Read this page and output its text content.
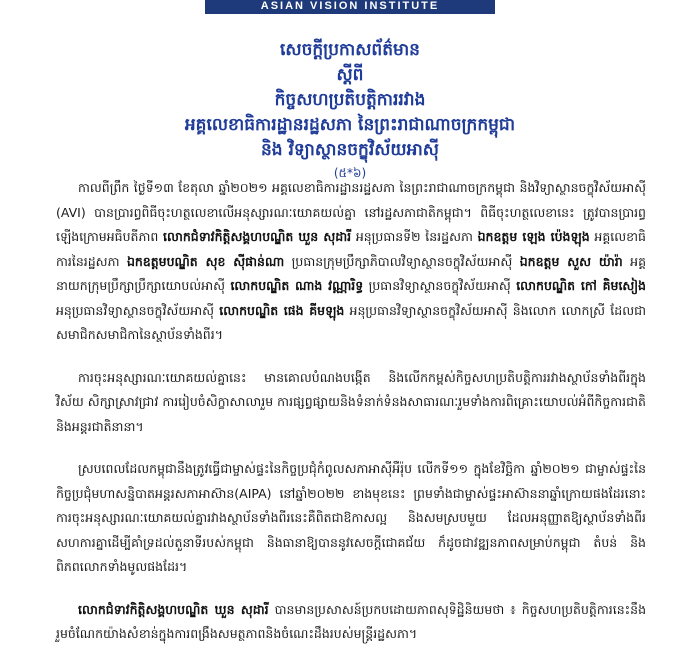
ASIAN VISION INSTITUTE
សេចក្តីប្រកាសព័ត៌មាន
ស្តីពី
កិច្ចសហប្រតិបត្តិការរវាង
អគ្គលេខាធិការដ្ឋានរដ្ឋសភា នៃព្រះរាជាណាចក្រកម្ពុជា
និង វិទ្យាស្ថានចក្ខុវិស័យអាស៊ី
(៥*៦)

កាលពីព្រឹក ថ្ងៃទី១៣ ខែតុលា ឆ្នាំ២០២១ អគ្គលេខាធិការដ្ឋានរដ្ឋសភា នៃព្រះរាជាណាចក្រកម្ពុជា និងវិទ្យាស្ថានចក្ខុវិស័យអាស៊ី (AVI) បានប្រារព្ធពិធីចុះហត្ថលេខាលើអនុស្សារណៈយោគយល់គ្នា នៅរដ្ឋសភាជាតិកម្ពុជា។ ពិធីចុះហត្ថលេខានេះ ត្រូវបានប្រារព្ធឡើងក្រោមអធិបតីភាព លោកជំទាវកិត្តិសង្គហបណ្ឌិត ឃួន សុដារី អនុប្រធានទី២ នៃរដ្ឋសភា ឯកឧត្តម ឡេង ប៉េងឡុង អគ្គលេខាធិការនៃរដ្ឋសភា ឯកឧត្តមបណ្ឌិត សុខ ស៊ីផាន់ណា ប្រធានក្រុមប្រឹក្សាភិបាលវិទ្យាស្ថានចក្ខុវិស័យអាស៊ី ឯកឧត្តម សួស យ៉ារ៉ា អគ្គនាយកក្រុមប្រឹក្សាប្រឹក្សាយោបល់អាស៊ី លោកបណ្ឌិត ណាង វណ្ណារិទ្ធ ប្រធានវិទ្យាស្ថានចក្ខុវិស័យអាស៊ី លោកបណ្ឌិត កៅ គិមសៀង អនុប្រធានវិទ្យាស្ថានចក្ខុវិស័យអាស៊ី លោកបណ្ឌិត ផេង គីមឡុង អនុប្រធានវិទ្យាស្ថានចក្ខុវិស័យអាស៊ី និងលោក លោកស្រី ដែលជាសមាជិកសមាជិកានៃស្ថាប័នទាំងពីរ។

ការចុះអនុស្សារណៈយោគយល់គ្នានេះ មានគោលបំណងបង្កើត និងលើកកម្ពស់កិច្ចសហប្រតិបត្តិការរវាងស្ថាប័នទាំងពីរក្នុងវិស័យ សិក្សាស្រាវជ្រាវ ការរៀបចំសិក្ខាសាលារួម ការផ្សព្វផ្សាយនិងទំនាក់ទំនងសាធារណៈរួមទាំងការពិគ្រោះយោបល់អំពីកិច្ចការជាតិ និងអន្តរជាតិនានា។

ស្របពេលដែលកម្ពុជានឹងត្រូវធ្វើជាម្ចាស់ផ្ទះនៃកិច្ចប្រជុំកំពូលសភាអាស៊ីអឺរ៉ុប លើកទី១១ ក្នុងខែវិច្ឆិកា ឆ្នាំ២០២១ ជាម្ចាស់ផ្ទះនៃកិច្ចប្រជុំមហាសន្និបាតអន្តរសភាអាស៊ាន(AIPA) នៅឆ្នាំ២០២២ ខាងមុខនេះ ព្រមទាំងជាម្ចាស់ផ្ទះអាស៊ាននាឆ្នាំក្រោយផងដែរនោះ ការចុះអនុស្សារណៈយោគយល់គ្នារវាងស្ថាប័នទាំងពីរនេះគឺពិតជាឱកាសល្អ និងសមស្របមួយ ដែលអនុញ្ញាតឱ្យស្ថាប័នទាំងពីរសហការគ្នាដើម្បីគាំទ្រដល់តួនាទីរបស់កម្ពុជា និងធានាឱ្យបាននូវសេចក្តីជោគជ័យ ក៏ដូចជាវឌ្ឍនភាពសម្រាប់កម្ពុជា តំបន់ និងពិភពលោកទាំងមូលផងដែរ។

លោកជំទាវកិត្តិសង្គហបណ្ឌិត ឃួន សុដារី បានមានប្រសាសន៍ប្រកបដោយភាពសុទិដ្ឋិនិយមថា ៖ កិច្ចសហប្រតិបត្តិការនេះនឹងរួមចំណែកយ៉ាងសំខាន់ក្នុងការពង្រឹងសមត្ថភាពនិងចំណេះដឹងរបស់មន្ត្រីរដ្ឋសភា។
